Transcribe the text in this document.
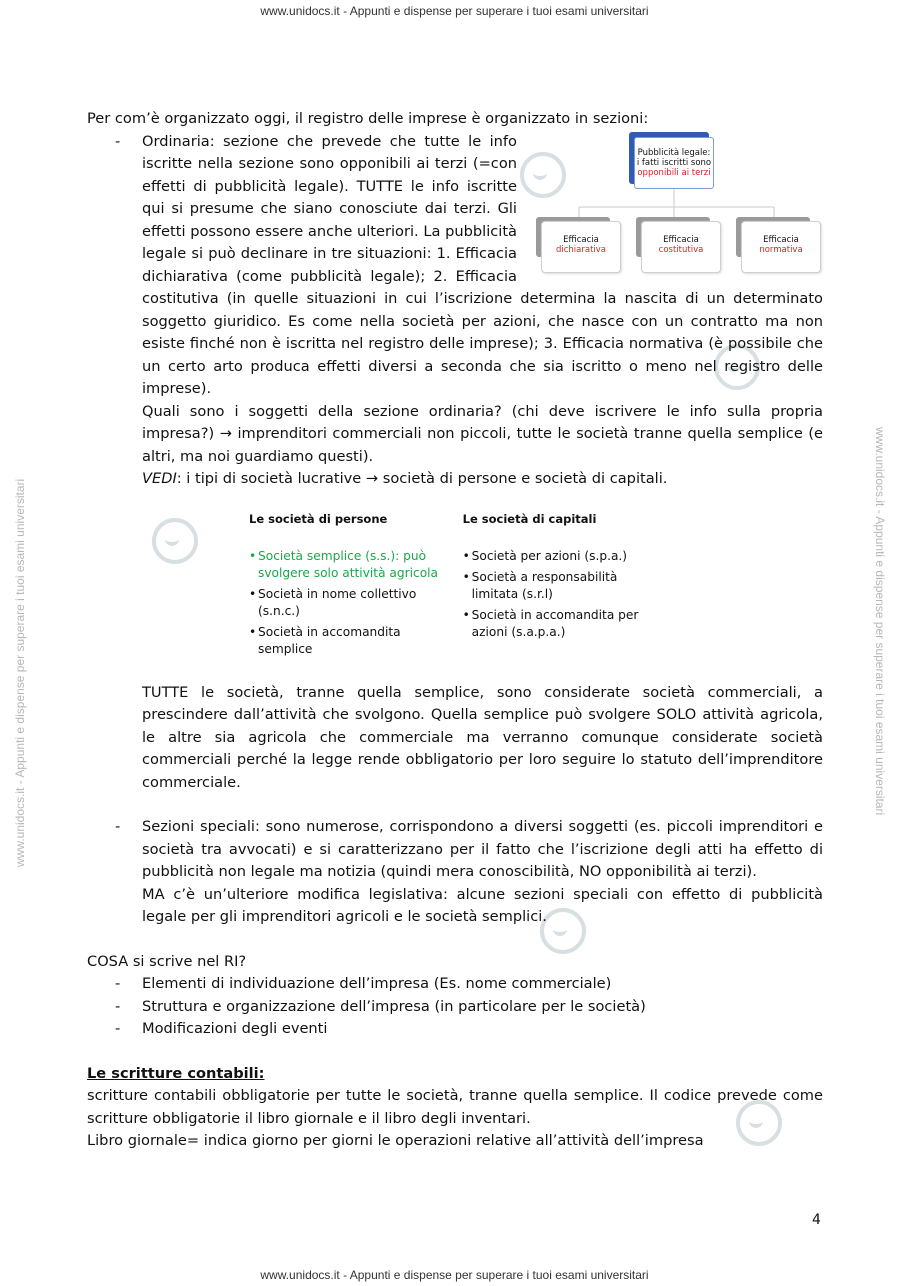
www.unidocs.it - Appunti e dispense per superare i tuoi esami universitari
www.unidocs.it - Appunti e dispense per superare i tuoi esami universitari	www.unidocs.it - Appunti e dispense per superare i tuoi esami universitari

Per com’è organizzato oggi, il registro delle imprese è organizzato in sezioni:

-
Pubblicità legale:
i fatti iscritti sono
opponibili ai terzi
Efficacia
dichiarativa
Efficacia
costitutiva
Efficacia
normativa

Ordinaria: sezione che prevede che tutte le info iscritte nella sezione sono opponibili ai terzi (=con effetti di pubblicità legale). TUTTE le info iscritte qui si presume che siano conosciute dai terzi. Gli effetti possono essere anche ulteriori. La pubblicità legale si può declinare in tre situazioni: 1. Efficacia dichiarativa (come pubblicità legale); 2. Efficacia costitutiva (in quelle situazioni in cui l’iscrizione determina la nascita di un determinato soggetto giuridico. Es come nella società per azioni, che nasce con un contratto ma non esiste finché non è iscritta nel registro delle imprese); 3. Efficacia normativa (è possibile che un certo arto produca effetti diversi a seconda che sia iscritto o meno nel registro delle imprese).

Quali sono i soggetti della sezione ordinaria? (chi deve iscrivere le info sulla propria impresa?) → imprenditori commerciali non piccoli, tutte le società tranne quella semplice (e altri, ma noi guardiamo questi).

VEDI: i tipi di società lucrative → società di persone e società di capitali.

Le società di persone
• Società semplice (s.s.): può svolgere solo attività agricola
• Società in nome collettivo (s.n.c.)
• Società in accomandita semplice
Le società di capitali
• Società per azioni (s.p.a.)
• Società a responsabilità limitata (s.r.l)
• Società in accomandita per azioni (s.a.p.a.)

TUTTE le società, tranne quella semplice, sono considerate società commerciali, a prescindere dall’attività che svolgono. Quella semplice può svolgere SOLO attività agricola, le altre sia agricola che commerciale ma verranno comunque considerate società commerciali perché la legge rende obbligatorio per loro seguire lo statuto dell’imprenditore commerciale.

- Sezioni speciali: sono numerose, corrispondono a diversi soggetti (es. piccoli imprenditori e società tra avvocati) e si caratterizzano per il fatto che l’iscrizione degli atti ha effetto di pubblicità non legale ma notizia (quindi mera conoscibilità, NO opponibilità ai terzi).

MA c’è un’ulteriore modifica legislativa: alcune sezioni speciali con effetto di pubblicità legale per gli imprenditori agricoli e le società semplici.

COSA si scrive nel RI?

- Elementi di individuazione dell’impresa (Es. nome commerciale)
- Struttura e organizzazione dell’impresa (in particolare per le società)
- Modificazioni degli eventi

Le scritture contabili:

scritture contabili obbligatorie per tutte le società, tranne quella semplice. Il codice prevede come scritture obbligatorie il libro giornale e il libro degli inventari.

Libro giornale= indica giorno per giorni le operazioni relative all’attività dell’impresa

4
www.unidocs.it - Appunti e dispense per superare i tuoi esami universitari
